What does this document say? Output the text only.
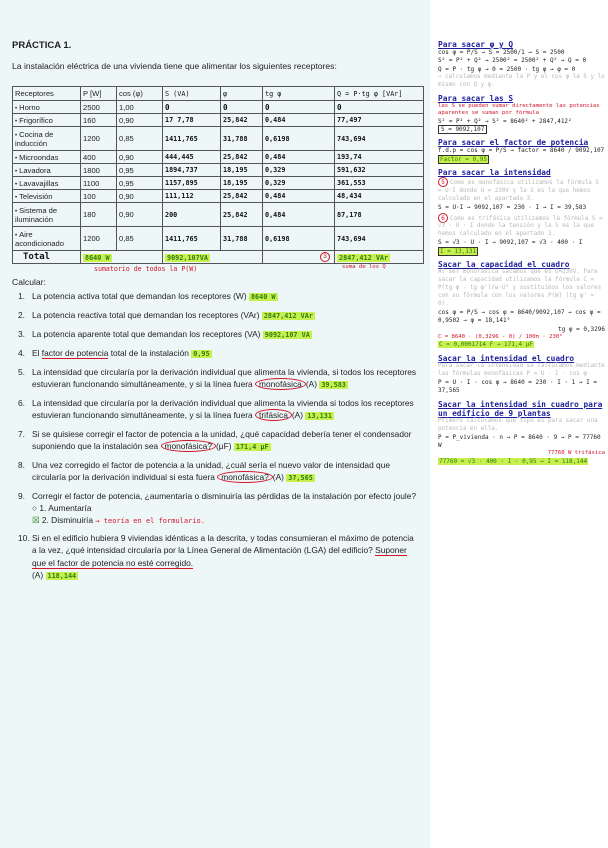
PRÁCTICA 1.
La instalación eléctrica de una vivienda tiene que alimentar los siguientes receptores:
Receptores	P [W]	cos (φ)	S (VA)	φ	tg φ	Q = P·tg φ [VAr]
• Horno	2500	1,00	0	0	0	0
• Frigorífico	160	0,90	17 7,78	25,842	0,484	77,497
• Cocina de inducción	1200	0,85	1411,765	31,788	0,6198	743,694
• Microondas	400	0,90	444,445	25,842	0,484	193,74
• Lavadora	1800	0,95	1894,737	18,195	0,329	591,632
• Lavavajillas	1100	0,95	1157,895	18,195	0,329	361,553
• Televisión	100	0,90	111,112	25,842	0,484	48,434
• Sistema de iluminación	180	0,90	200	25,842	0,484	87,178
• Aire acondicionado	1200	0,85	1411,765	31,788	0,6198	743,694
Total	8640 W		9092,107VA		3	2847,412 VAr
sumatorio de todos la P(W)	suma de los Q
Calcular:
1. La potencia activa total que demandan los receptores (W) 8640 W
2. La potencia reactiva total que demandan los receptores (VAr) 2847,412 VAr
3. La potencia aparente total que demandan los receptores (VA) 9092,107 VA
4. El factor de potencia total de la instalación 0,95
5. La intensidad que circularía por la derivación individual que alimenta la vivienda, si todos los receptores estuvieran funcionando simultáneamente, y si la línea fuera monofásica (A) 39,583
6. La intensidad que circularía por la derivación individual que alimenta la vivienda si todos los receptores estuvieran funcionando simultáneamente, y si la línea fuera trifásica (A) 13,131
7. Si se quisiese corregir el factor de potencia a la unidad, ¿qué capacidad debería tener el condensador suponiendo que la instalación sea monofásica? (μF) 171,4 μF
8. Una vez corregido el factor de potencia a la unidad, ¿cuál sería el nuevo valor de intensidad que circularía por la derivación individual si esta fuera monofásica? (A) 37,565
9. Corregir el factor de potencia, ¿aumentaría o disminuiría las pérdidas de la instalación por efecto joule?
○ 1. Aumentaría
☒ 2. Disminuiría → teoría en el formulario.
10. Si en el edificio hubiera 9 viviendas idénticas a la descrita, y todas consumieran el máximo de potencia a la vez, ¿qué intensidad circularía por la Línea General de Alimentación (LGA) del edificio? Suponer que el factor de potencia no esté corregido.
(A) 118,144
Para sacar φ y Q
cos φ = P/S → S = 2500/1 → S = 2500
S² = P² + Q² → 2500² = 2500² + Q² → Q = 0
Q = P · tg φ → 0 = 2500 · tg φ → φ = 0
→ calculamos mediante la P y el cos φ la S y lo mismo con Q y φ.
Para sacar las S
las S se pueden sumar directamente las potencias aparentes se suman por fórmula
S² = P² + Q² → S² = 8640² + 2847,412²
S = 9092,107
Para sacar el factor de potencia
f.d.p = cos φ = P/S → factor = 8640 / 9092,107
Factor = 0,95
Para sacar la intensidad
5 Como es monofásica utilizamos la fórmula S = U·I donde U = 230V y la S es la que hemos calculado en el apartado 3.
S = U·I → 9092,107 = 230 · I → I = 39,583
6 Como es trifásica utilizamos la fórmula S = √3 · U · I donde la tensión y la S es la que hemos calculado en el apartado 3.
S = √3 · U · I → 9092,107 = √3 · 400 · I
I = 13,131
Sacar la capacidad el cuadro
Al ser monofásica sacamos que es U=230V. Para sacar la capacidad utilizamos la fórmula C = P(tg φ - tg φ')/ω·U² y sustituimos los valores con su fórmula con los valores P(W) (tg φ' = 0).
cos φ = P/S → cos φ = 8640/9092,107 → cos φ = 0,9502 → φ = 18,141°
tg φ = 0,3296
C = 8640 · (0,3296 - 0) / 100π · 230²
C = 0,0001714 F → 171,4 μF
Sacar la intensidad el cuadro
Para sacar la intensidad se calculamos mediante las fórmulas monofásicas P = U · I · cos φ
P = U · I · cos φ → 8640 = 230 · I · 1 → I = 37,565
Sacar la intensidad sin cuadro para un edificio de 9 plantas
Primero calculamos que tipo es para sacar una potencia en ella.
P = P_vivienda · n → P = 8640 · 9 → P = 77760 W
77760 W trifásica
77760 = √3 · 400 · I · 0,95 → I = 118,144
